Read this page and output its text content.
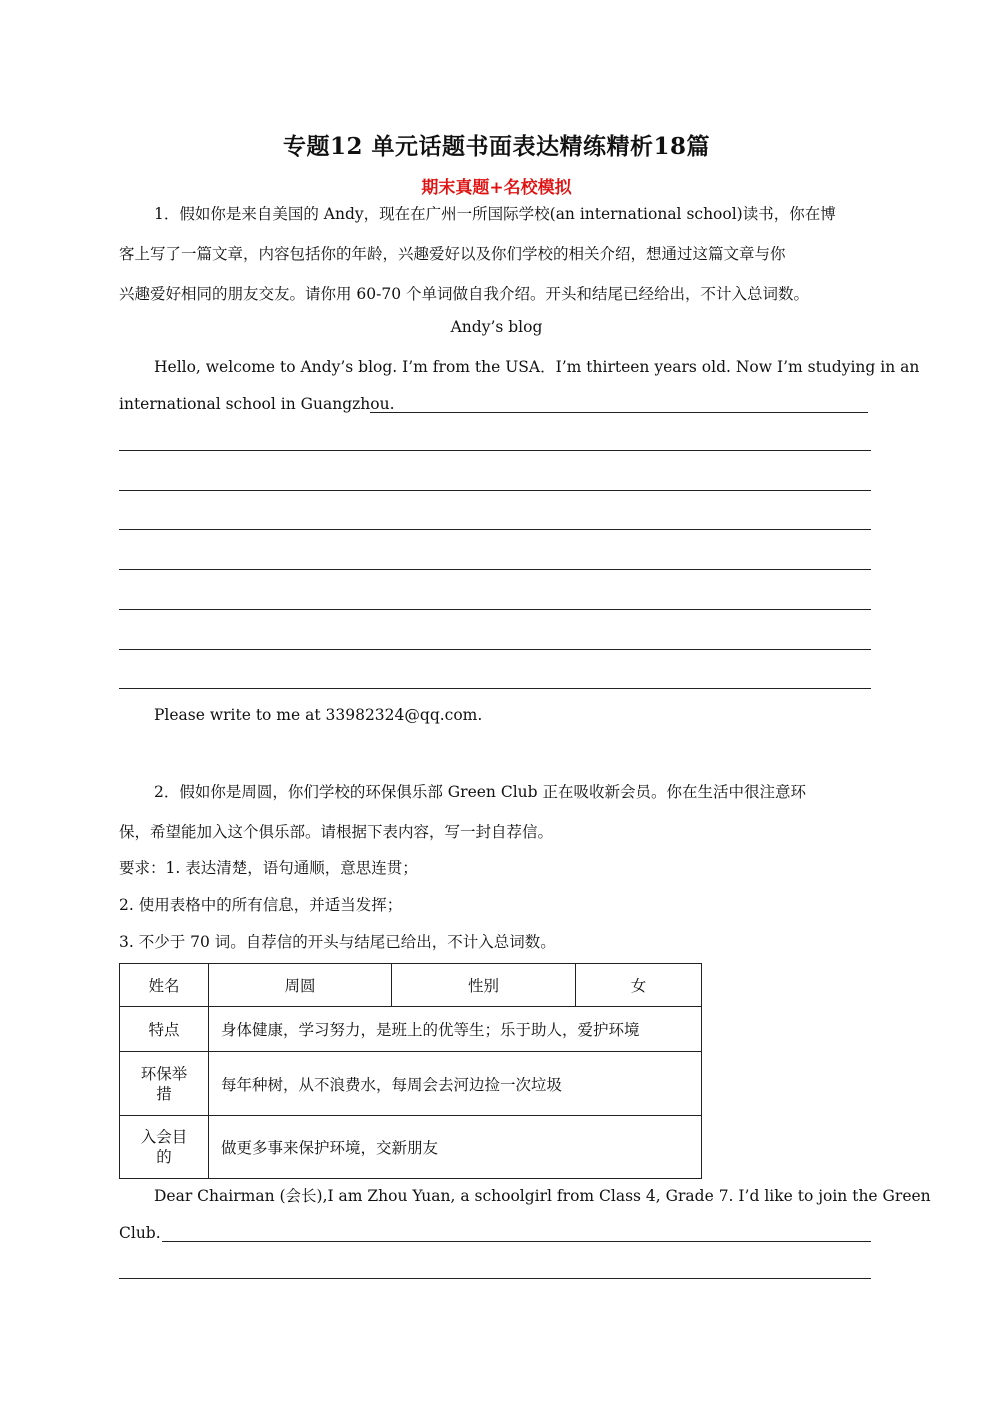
专题12 单元话题书面表达精练精析18篇
期末真题+名校模拟
1．假如你是来自美国的 Andy，现在在广州一所国际学校(an international school)读书，你在博
客上写了一篇文章，内容包括你的年龄，兴趣爱好以及你们学校的相关介绍，想通过这篇文章与你
兴趣爱好相同的朋友交友。请你用 60-70 个单词做自我介绍。开头和结尾已经给出，不计入总词数。
Andy’s blog
Hello, welcome to Andy’s blog. I’m from the USA．I’m thirteen years old. Now I’m studying in an
international school in Guangzhou.
Please write to me at 33982324@qq.com.
2．假如你是周圆，你们学校的环保俱乐部 Green Club 正在吸收新会员。你在生活中很注意环
保，希望能加入这个俱乐部。请根据下表内容，写一封自荐信。
要求：1. 表达清楚，语句通顺，意思连贯；
2. 使用表格中的所有信息，并适当发挥；
3. 不少于 70 词。自荐信的开头与结尾已给出，不计入总词数。
姓名	周圆	性别	女
特点	身体健康，学习努力，是班上的优等生；乐于助人，爱护环境		
环保举
措	每年种树，从不浪费水，每周会去河边捡一次垃圾		
入会目
的	做更多事来保护环境，交新朋友		
Dear Chairman (会长),I am Zhou Yuan, a schoolgirl from Class 4, Grade 7. I’d like to join the Green
Club.
